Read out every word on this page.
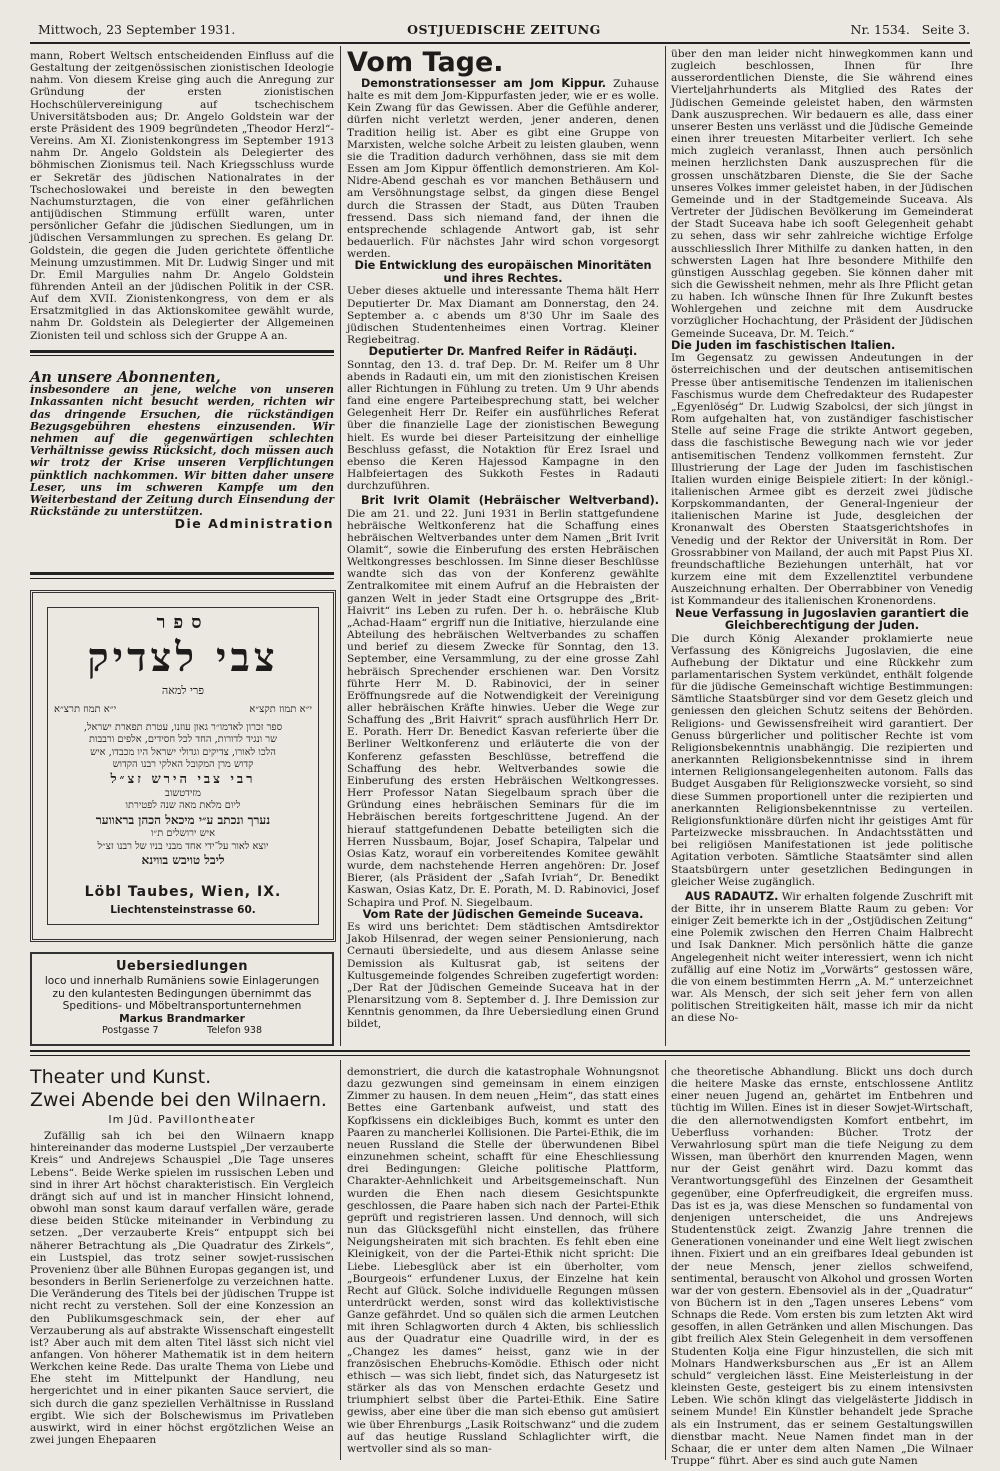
Mittwoch, 23 September 1931.	OSTJUEDISCHE ZEITUNG	Nr. 1534. Seite 3.

mann, Robert Weltsch entscheidenden Einfluss auf die Gestaltung der zeitgenössischen zionistischen Ideologie nahm. Von diesem Kreise ging auch die Anregung zur Gründung der ersten zionistischen Hochschülervereinigung auf tschechischem Universitätsboden aus; Dr. Angelo Goldstein war der erste Präsident des 1909 begründeten „Theodor Herzl“-Vereins. Am XI. Zionistenkongress im September 1913 nahm Dr. Angelo Goldstein als Delegierter des böhmischen Zionismus teil. Nach Kriegsschluss wurde er Sekretär des jüdischen Nationalrates in der Tschechoslowakei und bereiste in den bewegten Nachumsturztagen, die von einer gefährlichen antijüdischen Stimmung erfüllt waren, unter persönlicher Gefahr die jüdischen Siedlungen, um in jüdischen Versammlungen zu sprechen. Es gelang Dr. Goldstein, die gegen die Juden gerichtete öffentliche Meinung umzustimmen. Mit Dr. Ludwig Singer und mit Dr. Emil Margulies nahm Dr. Angelo Goldstein führenden Anteil an der jüdischen Politik in der CSR. Auf dem XVII. Zionistenkongress, von dem er als Ersatzmitglied in das Aktionskomitee gewählt wurde, nahm Dr. Goldstein als Delegierter der Allgemeinen Zionisten teil und schloss sich der Gruppe A an.

An unsere Abonnenten,

insbesondere an jene, welche von unseren Inkassanten nicht besucht werden, richten wir das dringende Ersuchen, die rückständigen Bezugsgebühren ehestens einzusenden. Wir nehmen auf die gegenwärtigen schlechten Verhältnisse gewiss Rücksicht, doch müssen auch wir trotz der Krise unseren Verpflichtungen pünktlich nachkommen. Wir bitten daher unsere Leser, uns im schweren Kampfe um den Weiterbestand der Zeitung durch Einsendung der Rückstände zu unterstützen.

Die Administration

ספר
צבי לצדיק
פרי למאה
י״א תמוז תרצ״א	י״א תמוז תקצ״א

ספר זכרון לאדמו״ר גאון עוזנו, עטרת תפארת ישראל,

שר ונגיד לדורות, החד לכל חסידים, אלפים ורבבות

הלכו לאורו, צדיקים וגדולי ישראל היו מכבדו, איש

קדוש מרן המקובל האלקי רבנו הקדוש

רבי צבי הירש זצ״ל

מזידטשוב

ליום מלאת מאה שנה לפטירתו

נערך ונכתב ע״י מיכאל הכהן בראווער

איש ירושלים ת״ו

יוצא לאור על־ידי אחד מבני בניו של רבנו זצ״ל

ליבל טויבש בווינא

Löbl Taubes, Wien, IX.
Liechtensteinstrasse 60.

Uebersiedlungen

loco und innerhalb Rumäniens sowie Einlagerungen

zu den kulantesten Bedingungen übernimmt das

Speditions- und Möbeltransportunternehmen

Markus Brandmarker

Postgasse 7	Telefon 938

Vom Tage.

Demonstrationsesser am Jom Kippur. Zuhause halte es mit dem Jom-Kippurfasten jeder, wie er es wolle. Kein Zwang für das Gewissen. Aber die Gefühle anderer, dürfen nicht verletzt werden, jener anderen, denen Tradition heilig ist. Aber es gibt eine Gruppe von Marxisten, welche solche Arbeit zu leisten glauben, wenn sie die Tradition dadurch verhöhnen, dass sie mit dem Essen am Jom Kippur öffentlich demonstrieren. Am Kol-Nidre-Abend geschah es vor manchen Bethäusern und am Versöhnungstage selbst, da gingen diese Bengel durch die Strassen der Stadt, aus Düten Trauben fressend. Dass sich niemand fand, der ihnen die entsprechende schlagende Antwort gab, ist sehr bedauerlich. Für nächstes Jahr wird schon vorgesorgt werden.

Die Entwicklung des europäischen Minoritäten und ihres Rechtes.

Ueber dieses aktuelle und interessante Thema hält Herr Deputierter Dr. Max Diamant am Donnerstag, den 24. September a. c abends um 8'30 Uhr im Saale des jüdischen Studentenheimes einen Vortrag. Kleiner Regiebeitrag.

Deputierter Dr. Manfred Reifer in Rădăuţi.

Sonntag, den 13. d. traf Dep. Dr. M. Reifer um 8 Uhr abends in Radauti ein, um mit den zionistischen Kreisen aller Richtungen in Fühlung zu treten. Um 9 Uhr abends fand eine engere Parteibesprechung statt, bei welcher Gelegenheit Herr Dr. Reifer ein ausführliches Referat über die finanzielle Lage der zionistischen Bewegung hielt. Es wurde bei dieser Parteisitzung der einhellige Beschluss gefasst, die Notaktion für Erez Israel und ebenso die Keren Hajessod Kampagne in den Halbfeiertagen des Sukkoth Festes in Radauti durchzuführen.

Brit Ivrit Olamit (Hebräischer Weltverband). Die am 21. und 22. Juni 1931 in Berlin stattgefundene hebräische Weltkonferenz hat die Schaffung eines hebräischen Weltverbandes unter dem Namen „Brit Ivrit Olamit“, sowie die Einberufung des ersten Hebräischen Weltkongresses beschlossen. Im Sinne dieser Beschlüsse wandte sich das von der Konferenz gewählte Zentralkomitee mit einem Aufruf an die Hebraisten der ganzen Welt in jeder Stadt eine Ortsgruppe des „Brit-Haivrit“ ins Leben zu rufen. Der h. o. hebräische Klub „Achad-Haam“ ergriff nun die Initiative, hierzulande eine Abteilung des hebräischen Weltverbandes zu schaffen und berief zu diesem Zwecke für Sonntag, den 13. September, eine Versammlung, zu der eine grosse Zahl hebräisch Sprechender erschienen war. Den Vorsitz führte Herr M. D. Rabinovici, der in seiner Eröffnungsrede auf die Notwendigkeit der Vereinigung aller hebräischen Kräfte hinwies. Ueber die Wege zur Schaffung des „Brit Haivrit“ sprach ausführlich Herr Dr. E. Porath. Herr Dr. Benedict Kasvan referierte über die Berliner Weltkonferenz und erläuterte die von der Konferenz gefassten Beschlüsse, betreffend die Schaffung des hebr. Weltverbandes sowie die Einberufung des ersten Hebräischen Weltkongresses. Herr Professor Natan Siegelbaum sprach über die Gründung eines hebräischen Seminars für die im Hebräischen bereits fortgeschrittene Jugend. An der hierauf stattgefundenen Debatte beteiligten sich die Herren Nussbaum, Bojar, Josef Schapira, Talpelar und Osias Katz, worauf ein vorbereitendes Komitee gewählt wurde, dem nachstehende Herren angehören: Dr. Josef Bierer, (als Präsident der „Safah Ivriah“, Dr. Benedikt Kaswan, Osias Katz, Dr. E. Porath, M. D. Rabinovici, Josef Schapira und Prof. N. Siegelbaum.

Vom Rate der Jüdischen Gemeinde Suceava.

Es wird uns berichtet: Dem städtischen Amtsdirektor Jakob Hilsenrad, der wegen seiner Pensionierung, nach Cernauti übersiedelte, und aus diesem Anlasse seine Demission als Kultusrat gab, ist seitens der Kultusgemeinde folgendes Schreiben zugefertigt worden: „Der Rat der Jüdischen Gemeinde Suceava hat in der Plenarsitzung vom 8. September d. J. Ihre Demission zur Kenntnis genommen, da Ihre Uebersiedlung einen Grund bildet,

über den man leider nicht hinwegkommen kann und zugleich beschlossen, Ihnen für Ihre ausserordentlichen Dienste, die Sie während eines Vierteljahrhunderts als Mitglied des Rates der Jüdischen Gemeinde geleistet haben, den wärmsten Dank auszusprechen. Wir bedauern es alle, dass einer unserer Besten uns verlässt und die Jüdische Gemeinde einen ihrer treuesten Mitarbeiter verliert. Ich sehe mich zugleich veranlasst, Ihnen auch persönlich meinen herzlichsten Dank auszusprechen für die grossen unschätzbaren Dienste, die Sie der Sache unseres Volkes immer geleistet haben, in der Jüdischen Gemeinde und in der Stadtgemeinde Suceava. Als Vertreter der Jüdischen Bevölkerung im Gemeinderat der Stadt Suceava habe ich sooft Gelegenheit gehabt zu sehen, dass wir sehr zahlreiche wichtige Erfolge ausschliesslich Ihrer Mithilfe zu danken hatten, in den schwersten Lagen hat Ihre besondere Mithilfe den günstigen Ausschlag gegeben. Sie können daher mit sich die Gewissheit nehmen, mehr als Ihre Pflicht getan zu haben. Ich wünsche Ihnen für Ihre Zukunft bestes Wohlergehen und zeichne mit dem Ausdrucke vorzüglicher Hochachtung, der Präsident der Jüdischen Gemeinde Suceava, Dr. M. Teich.“

Die Juden im faschistischen Italien.

Im Gegensatz zu gewissen Andeutungen in der österreichischen und der deutschen antisemitischen Presse über antisemitische Tendenzen im italienischen Faschismus wurde dem Chefredakteur des Rudapester „Egyenlöség“ Dr. Ludwig Szabolcsi, der sich jüngst in Rom aufgehalten hat, von zuständiger faschistischer Stelle auf seine Frage die strikte Antwort gegeben, dass die faschistische Bewegung nach wie vor jeder antisemitischen Tendenz vollkommen fernsteht. Zur Illustrierung der Lage der Juden im faschistischen Italien wurden einige Beispiele zitiert: In der königl.-italienischen Armee gibt es derzeit zwei jüdische Korpskommandanten, der General-Ingenieur der italienischen Marine ist Jude, desgleichen der Kronanwalt des Obersten Staatsgerichtshofes in Venedig und der Rektor der Universität in Rom. Der Grossrabbiner von Mailand, der auch mit Papst Pius XI. freundschaftliche Beziehungen unterhält, hat vor kurzem eine mit dem Exzellenztitel verbundene Auszeichnung erhalten. Der Oberrabbiner von Venedig ist Kommandeur des italienischen Kronenordens.

Neue Verfassung in Jugoslavien garantiert die Gleichberechtigung der Juden.

Die durch König Alexander proklamierte neue Verfassung des Königreichs Jugoslavien, die eine Aufhebung der Diktatur und eine Rückkehr zum parlamentarischen System verkündet, enthält folgende für die jüdische Gemeinschaft wichtige Bestimmungen: Sämtliche Staatsbürger sind vor dem Gesetz gleich und geniessen den gleichen Schutz seitens der Behörden. Religions- und Gewissensfreiheit wird garantiert. Der Genuss bürgerlicher und politischer Rechte ist vom Religionsbekenntnis unabhängig. Die rezipierten und anerkannten Religionsbekenntnisse sind in ihrem internen Religionsangelegenheiten autonom. Falls das Budget Ausgaben für Religionszwecke vorsieht, so sind diese Summen proportionell unter die rezipierten und anerkannten Religionsbekenntnisse zu verteilen. Religionsfunktionäre dürfen nicht ihr geistiges Amt für Parteizwecke missbrauchen. In Andachtsstätten und bei religiösen Manifestationen ist jede politische Agitation verboten. Sämtliche Staatsämter sind allen Staatsbürgern unter gesetzlichen Bedingungen in gleicher Weise zugänglich.

AUS RADAUTZ. Wir erhalten folgende Zuschrift mit der Bitte, ihr in unserem Blatte Raum zu geben: Vor einiger Zeit bemerkte ich in der „Ostjüdischen Zeitung“ eine Polemik zwischen den Herren Chaim Halbrecht und Isak Dankner. Mich persönlich hätte die ganze Angelegenheit nicht weiter interessiert, wenn ich nicht zufällig auf eine Notiz im „Vorwärts“ gestossen wäre, die von einem bestimmten Herrn „A. M.“ unterzeichnet war. Als Mensch, der sich seit jeher fern von allen politischen Streitigkeiten hält, masse ich mir da nicht an diese No-

Theater und Kunst.

Zwei Abende bei den Wilnaern.

Im Jüd. Pavillontheater

Zufällig sah ich bei den Wilnaern knapp hintereinander das moderne Lustspiel „Der verzauberte Kreis“ und Andrejews Schauspiel „Die Tage unseres Lebens“. Beide Werke spielen im russischen Leben und sind in ihrer Art höchst charakteristisch. Ein Vergleich drängt sich auf und ist in mancher Hinsicht lohnend, obwohl man sonst kaum darauf verfallen wäre, gerade diese beiden Stücke miteinander in Verbindung zu setzen. „Der verzauberte Kreis“ entpuppt sich bei näherer Betrachtung als „Die Quadratur des Zirkels“, ein Lustspiel, das trotz seiner sowjet-russischen Provenienz über alle Bühnen Europas gegangen ist, und besonders in Berlin Serienerfolge zu verzeichnen hatte. Die Veränderung des Titels bei der jüdischen Truppe ist nicht recht zu verstehen. Soll der eine Konzession an den Publikumsgeschmack sein, der eher auf Verzauberung als auf abstrakte Wissenschaft eingestellt ist? Aber auch mit dem alten Titel lässt sich nicht viel anfangen. Von höherer Mathematik ist in dem heitern Werkchen keine Rede. Das uralte Thema von Liebe und Ehe steht im Mittelpunkt der Handlung, neu hergerichtet und in einer pikanten Sauce serviert, die sich durch die ganz speziellen Verhältnisse in Russland ergibt. Wie sich der Bolschewismus im Privatleben auswirkt, wird in einer höchst ergötzlichen Weise an zwei jungen Ehepaaren

demonstriert, die durch die katastrophale Wohnungsnot dazu gezwungen sind gemeinsam in einem einzigen Zimmer zu hausen. In dem neuen „Heim“, das statt eines Bettes eine Gartenbank aufweist, und statt des Kopfkissens ein dickleibiges Buch, kommt es unter den Paaren zu mancherlei Kollisionen. Die Partei-Ethik, die im neuen Russland die Stelle der überwundenen Bibel einzunehmen scheint, schafft für eine Eheschliessung drei Bedingungen: Gleiche politische Plattform, Charakter-Aehnlichkeit und Arbeitsgemeinschaft. Nun wurden die Ehen nach diesem Gesichtspunkte geschlossen, die Paare haben sich nach der Partei-Ethik geprüft und registrieren lassen. Und dennoch, will sich nun das Glücksgefühl nicht einstellen, das frühere Neigungsheiraten mit sich brachten. Es fehlt eben eine Kleinigkeit, von der die Partei-Ethik nicht spricht: Die Liebe. Liebesglück aber ist ein überholter, vom „Bourgeois“ erfundener Luxus, der Einzelne hat kein Recht auf Glück. Solche individuelle Regungen müssen unterdrückt werden, sonst wird das kollektivistische Ganze gefährdet. Und so quälen sich die armen Leutchen mit ihren Schlagworten durch 4 Akten, bis schliesslich aus der Quadratur eine Quadrille wird, in der es „Changez les dames“ heisst, ganz wie in der französischen Ehebruchs-Komödie. Ethisch oder nicht ethisch — was sich liebt, findet sich, das Naturgesetz ist stärker als das von Menschen erdachte Gesetz und triumphiert selbst über die Partei-Ethik. Eine Satire gewiss, aber eine über die man sich ebenso gut amüsiert wie über Ehrenburgs „Lasik Roitschwanz“ und die zudem auf das heutige Russland Schlaglichter wirft, die wertvoller sind als so man-

che theoretische Abhandlung. Blickt uns doch durch die heitere Maske das ernste, entschlossene Antlitz einer neuen Jugend an, gehärtet im Entbehren und tüchtig im Willen. Eines ist in dieser Sowjet-Wirtschaft, die den allernotwendigsten Komfort entbehrt, im Ueberfluss vorhanden: Bücher. Trotz der Verwahrlosung spürt man die tiefe Neigung zu dem Wissen, man überhört den knurrenden Magen, wenn nur der Geist genährt wird. Dazu kommt das Verantwortungsgefühl des Einzelnen der Gesamtheit gegenüber, eine Opferfreudigkeit, die ergreifen muss. Das ist es ja, was diese Menschen so fundamental von denjenigen unterscheidet, die uns Andrejews Studentenstück zeigt. Zwanzig Jahre trennen die Generationen voneinander und eine Welt liegt zwischen ihnen. Fixiert und an ein greifbares Ideal gebunden ist der neue Mensch, jener ziellos schweifend, sentimental, berauscht von Alkohol und grossen Worten war der von gestern. Ebensoviel als in der „Quadratur“ von Büchern ist in den „Tagen unseres Lebens“ vom Schnaps die Rede. Vom ersten bis zum letzten Akt wird gesoffen, in allen Getränken und allen Mischungen. Das gibt freilich Alex Stein Gelegenheit in dem versoffenen Studenten Kolja eine Figur hinzustellen, die sich mit Molnars Handwerksburschen aus „Er ist an Allem schuld“ vergleichen lässt. Eine Meisterleistung in der kleinsten Geste, gesteigert bis zu einem intensivsten Leben. Wie schön klingt das vielgelästerte Jiddisch in seinem Munde! Ein Künstler behandelt jede Sprache als ein Instrument, das er seinem Gestaltungswillen dienstbar macht. Neue Namen findet man in der Schaar, die er unter dem alten Namen „Die Wilnaer Truppe“ führt. Aber es sind auch gute Namen
